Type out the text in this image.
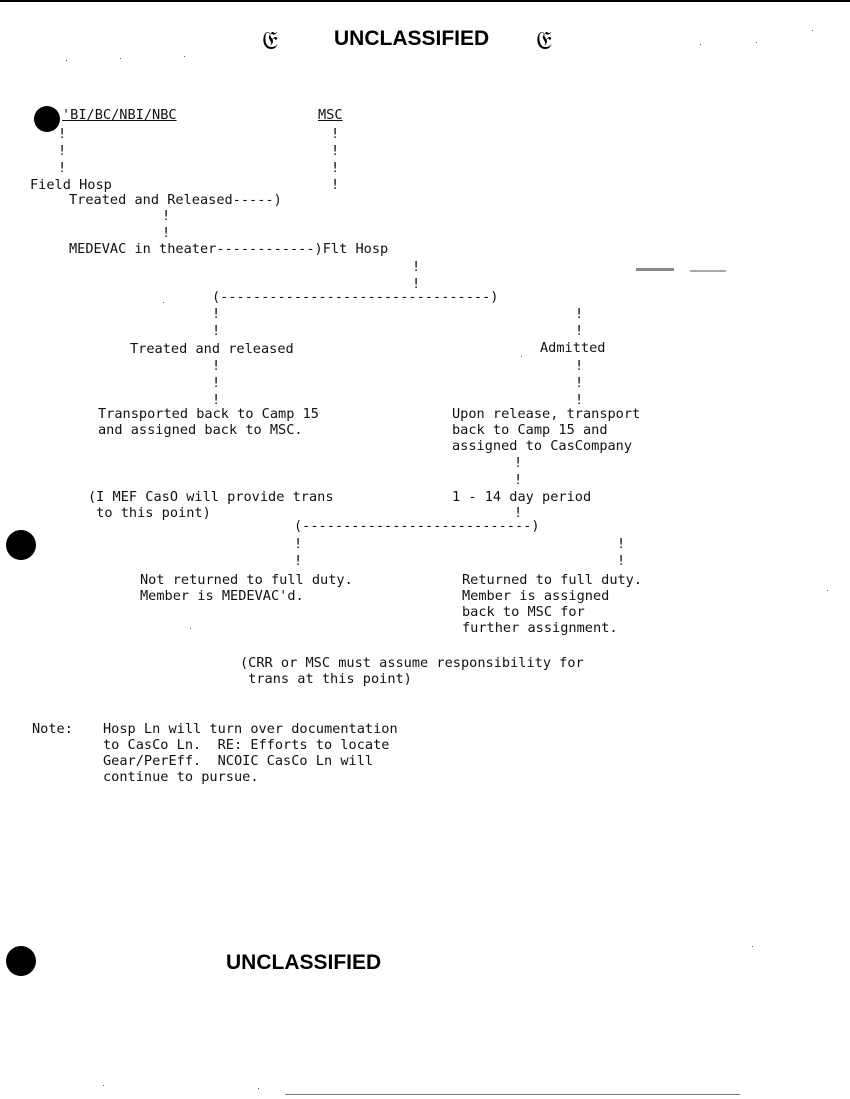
𝔈	UNCLASSIFIED 𝔈
'BI/BC/NBI/NBC	MSC
!
!
!
!
!
!
!
Field Hosp
Treated and Released-----)
!
!
MEDEVAC in theater------------)Flt Hosp
!
!
(---------------------------------)
!
!
!
!
Treated and released	Admitted
!
!
!
!
!
!
Transported back to Camp 15
and assigned back to MSC.
Upon release, transport
back to Camp 15 and
assigned to CasCompany
!
!
(I MEF CasO will provide trans
to this point)
1 - 14 day period
!
(----------------------------)
!
!
!
!
Not returned to full duty.
Member is MEDEVAC'd.
Returned to full duty.
Member is assigned
back to MSC for
further assignment.
(CRR or MSC must assume responsibility for
trans at this point)
Note: Hosp Ln will turn over documentation
to CasCo Ln.  RE: Efforts to locate
Gear/PerEff.  NCOIC CasCo Ln will
continue to pursue.
UNCLASSIFIED
